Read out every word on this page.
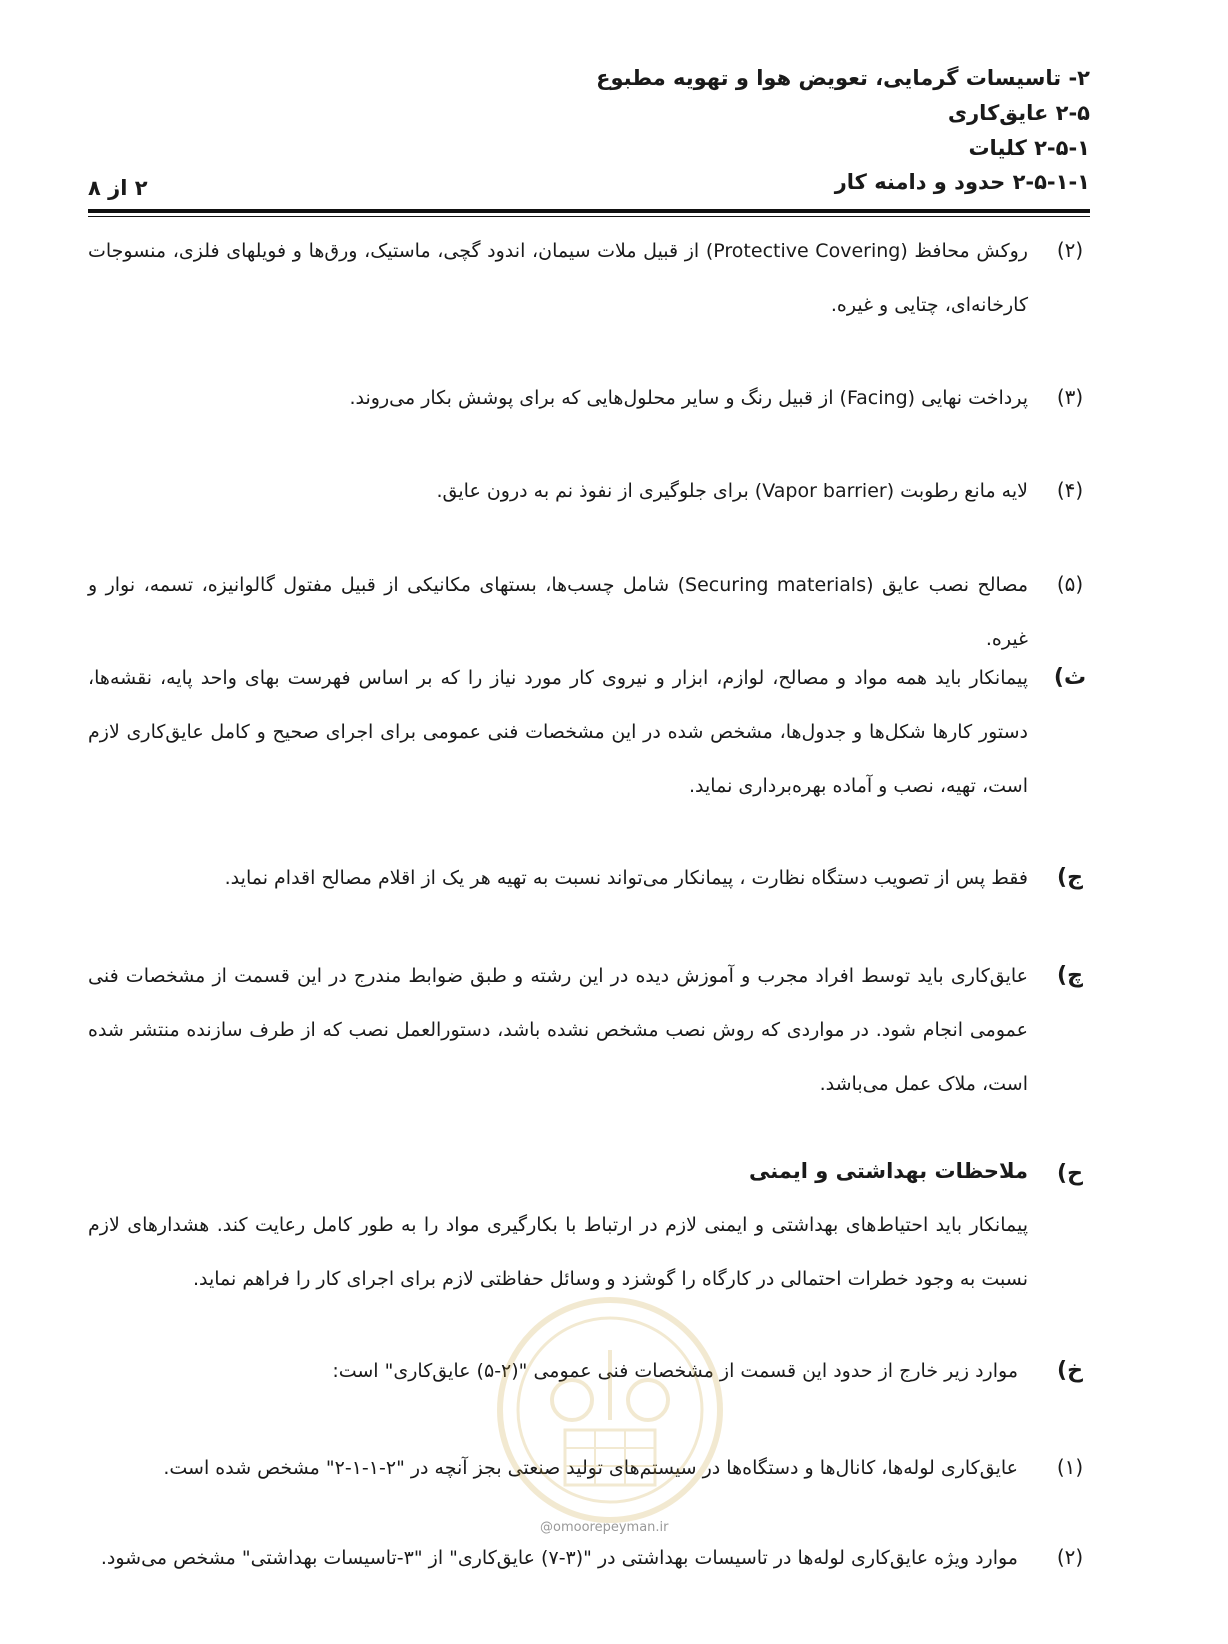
۲- تاسیسات گرمایی، تعویض هوا و تهویه مطبوع
۲-۵ عایق‌کاری
۲-۵-۱ کلیات
۲-۵-۱-۱ حدود و دامنه کار
۲ از ۸
(۲)
روکش محافظ (Protective Covering) از قبیل ملات سیمان، اندود گچی، ماستیک، ورق‌ها و فویلهای فلزی، منسوجات کارخانه‌ای، چتایی و غیره.
(۳)
پرداخت نهایی (Facing) از قبیل رنگ و سایر محلول‌هایی که برای پوشش بکار می‌روند.
(۴)
لایه مانع رطوبت (Vapor barrier) برای جلوگیری از نفوذ نم به درون عایق.
(۵)
مصالح نصب عایق (Securing materials) شامل چسب‌ها، بستهای مکانیکی از قبیل مفتول گالوانیزه، تسمه، نوار و غیره.
ث)
پیمانکار باید همه مواد و مصالح، لوازم، ابزار و نیروی کار مورد نیاز را که بر اساس فهرست بهای واحد پایه، نقشه‌ها، دستور کارها شکل‌ها و جدول‌ها، مشخص شده در این مشخصات فنی عمومی برای اجرای صحیح و کامل عایق‌کاری لازم است، تهیه، نصب و آماده بهره‌برداری نماید.
ج)
فقط پس از تصویب دستگاه نظارت ، پیمانکار می‌تواند نسبت به تهیه هر یک از اقلام مصالح اقدام نماید.
چ)
عایق‌کاری باید توسط افراد مجرب و آموزش دیده در این رشته و طبق ضوابط مندرج در این قسمت از مشخصات فنی عمومی انجام شود. در مواردی که روش نصب مشخص نشده باشد، دستورالعمل نصب که از طرف سازنده منتشر شده است، ملاک عمل می‌باشد.
ح)
ملاحظات بهداشتی و ایمنی
پیمانکار باید احتیاط‌های بهداشتی و ایمنی لازم در ارتباط با بکارگیری مواد را به طور کامل رعایت کند. هشدارهای لازم نسبت به وجود خطرات احتمالی در کارگاه را گوشزد و وسائل حفاظتی لازم برای اجرای کار را فراهم نماید.
خ)
موارد زیر خارج از حدود این قسمت از مشخصات فنی عمومی "(۲-۵) عایق‌کاری" است:
(۱)
عایق‌کاری لوله‌ها، کانال‌ها و دستگاه‌ها در سیستم‌های تولید صنعتی بجز آنچه در "۲-۱-۱-۲" مشخص شده است.
(۲)
موارد ویژه عایق‌کاری لوله‌ها در تاسیسات بهداشتی در "(۳-۷) عایق‌کاری" از "۳-تاسیسات بهداشتی" مشخص می‌شود.
@omoorepeyman.ir
